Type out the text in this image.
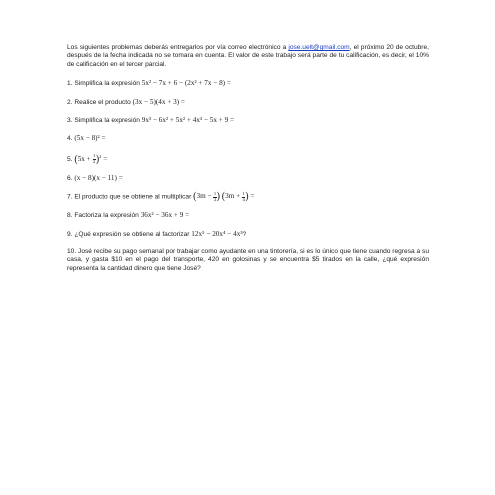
Los siguientes problemas deberás entregarlos por vía correo electrónico a jose.uelt@gmail.com, el próximo 20 de octubre, después de la fecha indicada no se tomara en cuenta. El valor de este trabajo será parte de tu calificación, es decir, el 10% de calificación en el tercer parcial.

1. Simplifica la expresión 5x² − 7x + 6 − (2x² + 7x − 8) =
2. Realice el producto (3x − 5)(4x + 3) =
3. Simplifica la expresión 9x³ − 6x² + 5x² + 4x³ − 5x + 9 =
4. (5x − 8)² =
5. $(5x + \frac{1}{2} )^2$ =
6. (x − 8)(x − 11) =
7. El producto que se obtiene al multiplicar ($3m - \frac{1}{2}$ ) ($3m + \frac{1}{4}$ ) =
8. Factoriza la expresión 36x² − 36x + 9 =
9. ¿Qué expresión se obtiene al factorizar 12x⁵ − 20x⁴ − 4x³?
10. José recibe su pago semanal por trabajar como ayudante en una tintorería, si es lo único que tiene cuando regresa a su casa, y gasta $10 en el pago del transporte, 420 en golosinas y se encuentra $5 tirados en la calle, ¿qué expresión representa la cantidad dinero que tiene José?
